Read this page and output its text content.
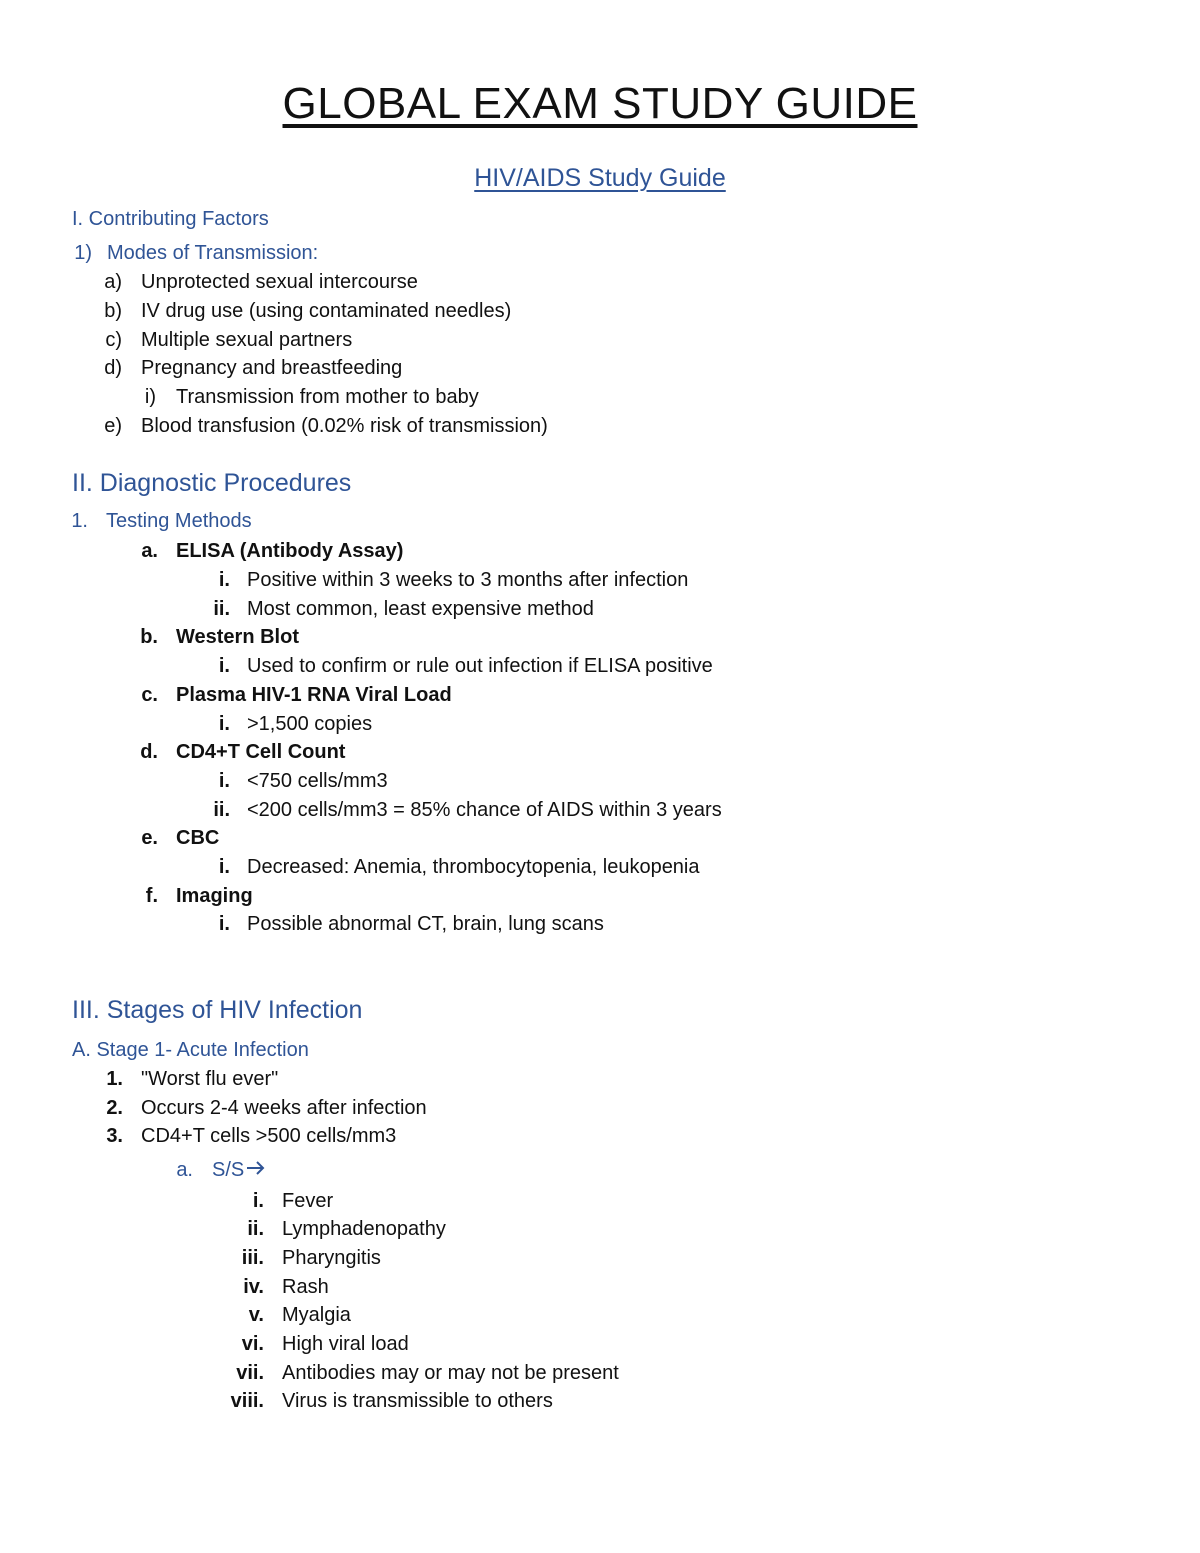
GLOBAL EXAM STUDY GUIDE
HIV/AIDS Study Guide
I. Contributing Factors
1) Modes of Transmission:
a) Unprotected sexual intercourse
b) IV drug use (using contaminated needles)
c) Multiple sexual partners
d) Pregnancy and breastfeeding
i) Transmission from mother to baby
e) Blood transfusion (0.02% risk of transmission)
II. Diagnostic Procedures
1. Testing Methods
a. ELISA (Antibody Assay)
i. Positive within 3 weeks to 3 months after infection
ii. Most common, least expensive method
b. Western Blot
i. Used to confirm or rule out infection if ELISA positive
c. Plasma HIV-1 RNA Viral Load
i. >1,500 copies
d. CD4+T Cell Count
i. <750 cells/mm3
ii. <200 cells/mm3 = 85% chance of AIDS within 3 years
e. CBC
i. Decreased: Anemia, thrombocytopenia, leukopenia
f. Imaging
i. Possible abnormal CT, brain, lung scans
III. Stages of HIV Infection
A. Stage 1- Acute Infection
1. "Worst flu ever"
2. Occurs 2-4 weeks after infection
3. CD4+T cells >500 cells/mm3
a. S/S
i. Fever
ii. Lymphadenopathy
iii. Pharyngitis
iv. Rash
v. Myalgia
vi. High viral load
vii. Antibodies may or may not be present
viii. Virus is transmissible to others
